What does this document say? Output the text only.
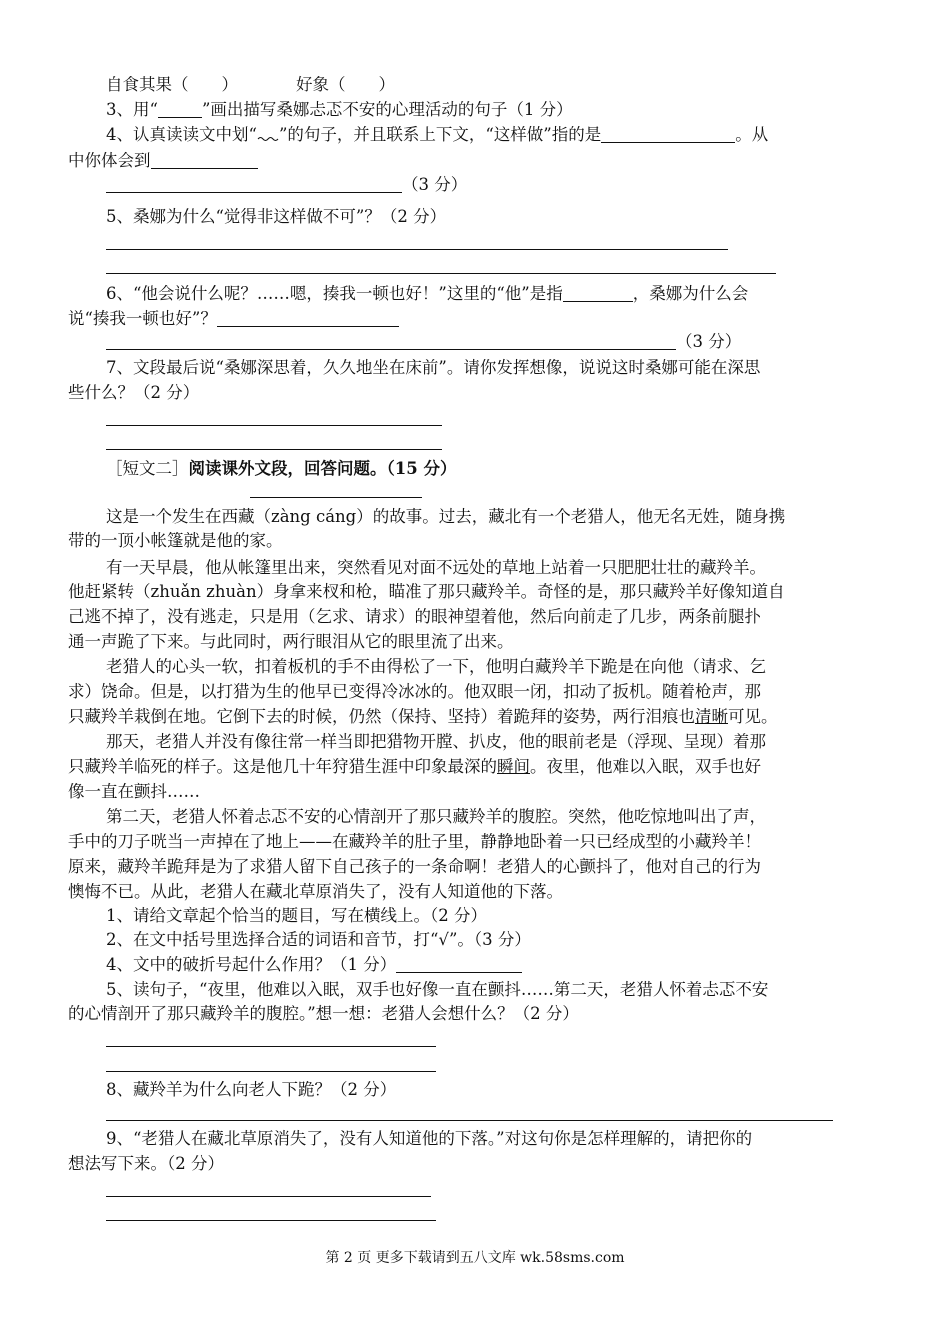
自食其果（　　）	好象（　　）
3、用“	”画出描写桑娜忐忑不安的心理活动的句子（1 分）
4、认真读读文中划“ ”的句子，并且联系上下文，“这样做”指的是	。从
中你体会到
（3 分）
5、桑娜为什么“觉得非这样做不可”？（2 分）
6、“他会说什么呢？……嗯，揍我一顿也好！”这里的“他”是指	，桑娜为什么会
说“揍我一顿也好”？
（3 分）
7、文段最后说“桑娜深思着，久久地坐在床前”。请你发挥想像，说说这时桑娜可能在深思
些什么？（2 分）
［短文二］阅读课外文段，回答问题。（15 分）
这是一个发生在西藏（zàng cáng）的故事。过去，藏北有一个老猎人，他无名无姓，随身携
带的一顶小帐篷就是他的家。
有一天早晨，他从帐篷里出来，突然看见对面不远处的草地上站着一只肥肥壮壮的藏羚羊。
他赶紧转（zhuǎn zhuàn）身拿来杈和枪，瞄准了那只藏羚羊。奇怪的是，那只藏羚羊好像知道自
己逃不掉了，没有逃走，只是用（乞求、请求）的眼神望着他，然后向前走了几步，两条前腿扑
通一声跪了下来。与此同时，两行眼泪从它的眼里流了出来。
老猎人的心头一软，扣着板机的手不由得松了一下，他明白藏羚羊下跪是在向他（请求、乞
求）饶命。但是，以打猎为生的他早已变得冷冰冰的。他双眼一闭，扣动了扳机。随着枪声，那
只藏羚羊栽倒在地。它倒下去的时候，仍然（保持、坚持）着跪拜的姿势，两行泪痕也清晰可见。
那天，老猎人并没有像往常一样当即把猎物开膛、扒皮，他的眼前老是（浮现、呈现）着那
只藏羚羊临死的样子。这是他几十年狩猎生涯中印象最深的瞬间。夜里，他难以入眠，双手也好
像一直在颤抖……
第二天，老猎人怀着忐忑不安的心情剖开了那只藏羚羊的腹腔。突然，他吃惊地叫出了声，
手中的刀子咣当一声掉在了地上——在藏羚羊的肚子里，静静地卧着一只已经成型的小藏羚羊！
原来，藏羚羊跪拜是为了求猎人留下自己孩子的一条命啊！老猎人的心颤抖了，他对自己的行为
懊悔不已。从此，老猎人在藏北草原消失了，没有人知道他的下落。
1、请给文章起个恰当的题目，写在横线上。（2 分）
2、在文中括号里选择合适的词语和音节，打“√”。（3 分）
4、文中的破折号起什么作用？（1 分）
5、读句子，“夜里，他难以入眠，双手也好像一直在颤抖……第二天，老猎人怀着忐忑不安
的心情剖开了那只藏羚羊的腹腔。”想一想：老猎人会想什么？（2 分）
8、藏羚羊为什么向老人下跪？（2 分）
9、“老猎人在藏北草原消失了，没有人知道他的下落。”对这句你是怎样理解的，请把你的
想法写下来。（2 分）
第 2 页 更多下载请到五八文库 wk.58sms.com
